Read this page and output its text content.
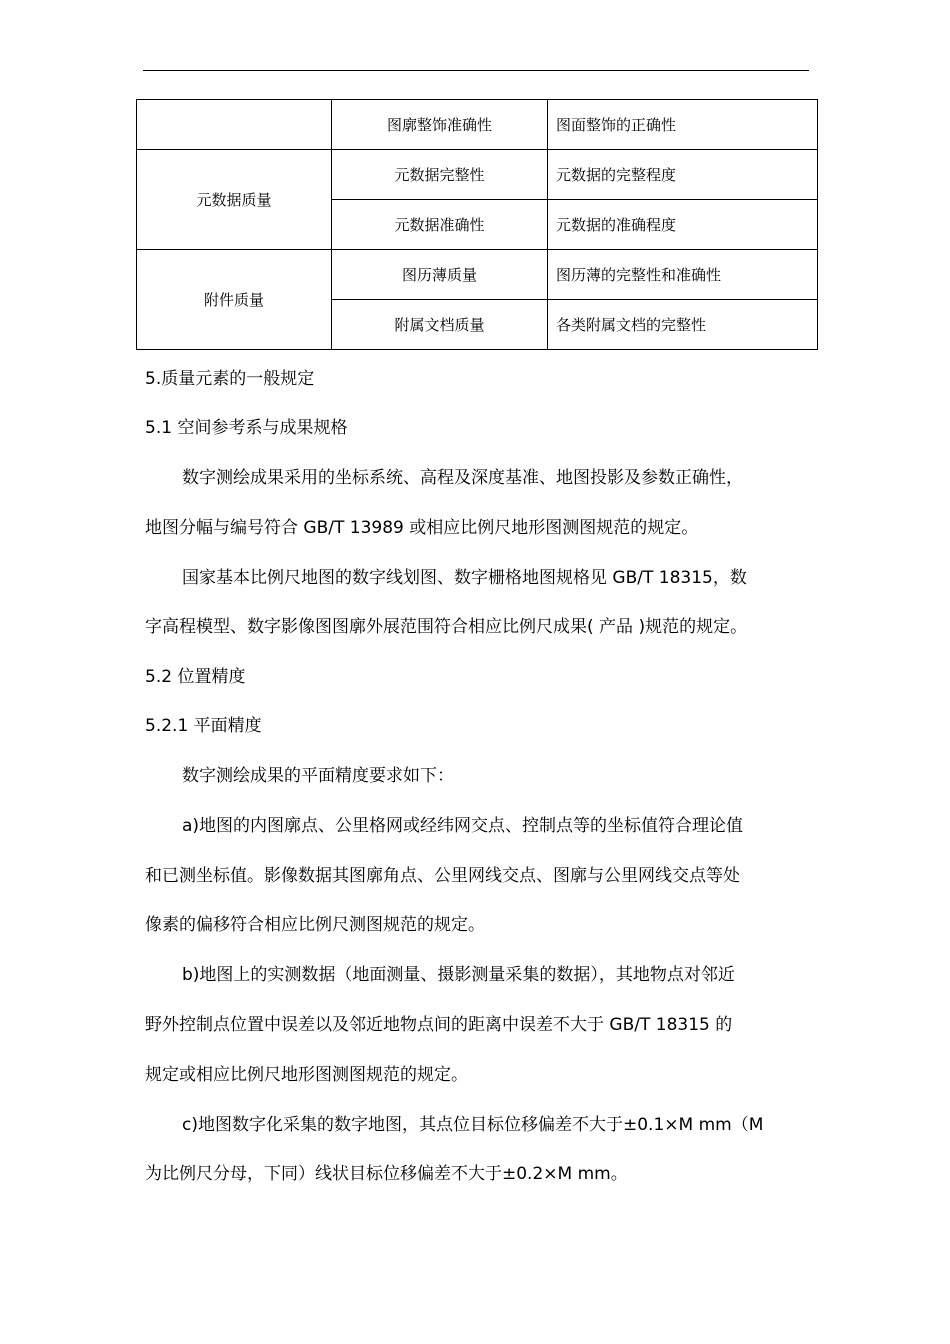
	图廓整饰准确性	图面整饰的正确性
元数据质量	元数据完整性	元数据的完整程度
	元数据准确性	元数据的准确程度
附件质量	图历薄质量	图历薄的完整性和准确性
	附属文档质量	各类附属文档的完整性
5.质量元素的一般规定
5.1 空间参考系与成果规格
数字测绘成果采用的坐标系统、高程及深度基准、地图投影及参数正确性，
地图分幅与编号符合 GB/T 13989 或相应比例尺地形图测图规范的规定。
国家基本比例尺地图的数字线划图、数字栅格地图规格见 GB/T 18315，数
字高程模型、数字影像图图廓外展范围符合相应比例尺成果( 产品 )规范的规定。
5.2 位置精度
5.2.1 平面精度
数字测绘成果的平面精度要求如下：
a)地图的内图廓点、公里格网或经纬网交点、控制点等的坐标值符合理论值
和已测坐标值。影像数据其图廓角点、公里网线交点、图廓与公里网线交点等处
像素的偏移符合相应比例尺测图规范的规定。
b)地图上的实测数据（地面测量、摄影测量采集的数据），其地物点对邻近
野外控制点位置中误差以及邻近地物点间的距离中误差不大于 GB/T 18315 的
规定或相应比例尺地形图测图规范的规定。
c)地图数字化采集的数字地图，其点位目标位移偏差不大于±0.1×M mm（M
为比例尺分母，下同）线状目标位移偏差不大于±0.2×M mm。
